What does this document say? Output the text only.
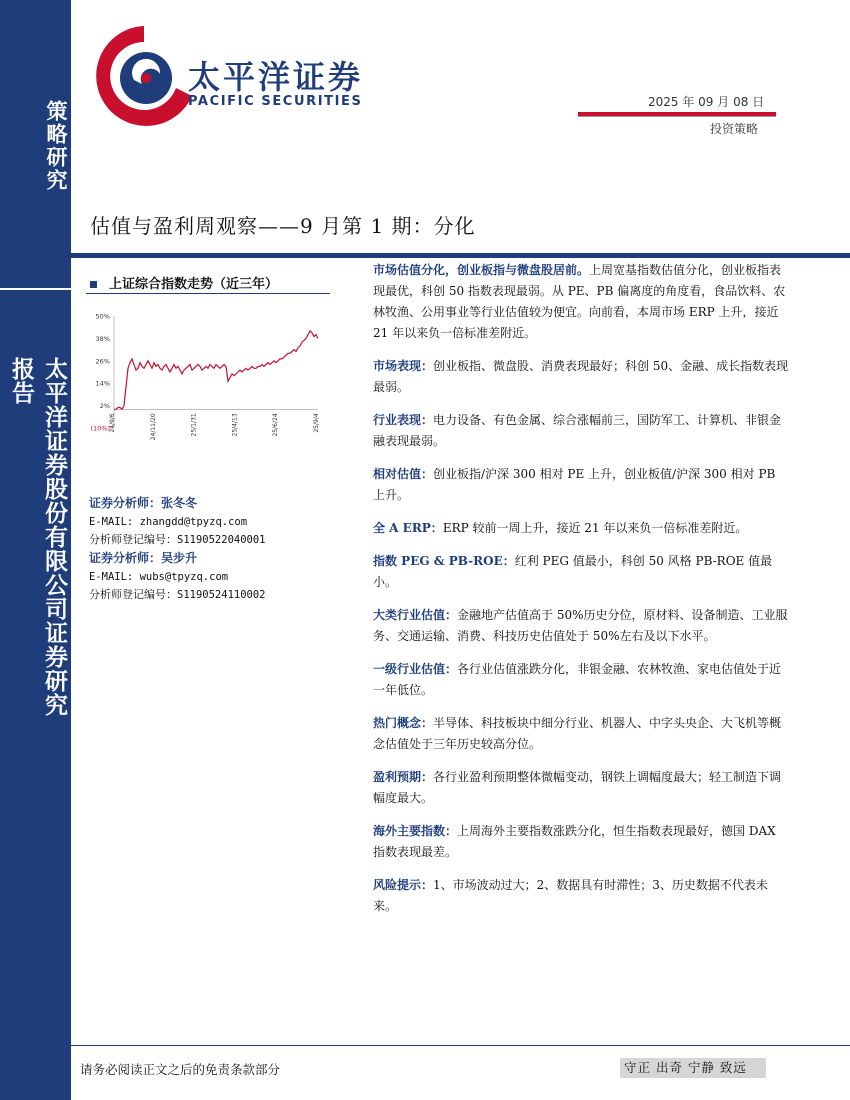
策略研究
太平洋证券股份有限公司证券研究报告
太平洋证券
PACIFIC SECURITIES	2025 年 09 月 08 日
投资策略
估值与盈利周观察——9 月第 1 期：分化
上证综合指数走势（近三年）
50%
38%
26%
14%
2%
(10%) 24/9/6	24/11/20	25/1/31	25/4/13	25/6/24	25/9/4
证券分析师：张冬冬
E-MAIL: zhangdd@tpyzq.com
分析师登记编号：S1190522040001
证券分析师：吴步升
E-MAIL: wubs@tpyzq.com
分析师登记编号：S1190524110002

市场估值分化，创业板指与微盘股居前。上周宽基指数估值分化，创业板指表现最优，科创 50 指数表现最弱。从 PE、PB 偏离度的角度看，食品饮料、农林牧渔、公用事业等行业估值较为便宜。向前看，本周市场 ERP 上升，接近 21 年以来负一倍标准差附近。

市场表现：创业板指、微盘股、消费表现最好；科创 50、金融、成长指数表现最弱。

行业表现：电力设备、有色金属、综合涨幅前三，国防军工、计算机、非银金融表现最弱。

相对估值：创业板指/沪深 300 相对 PE 上升，创业板值/沪深 300 相对 PB 上升。

全 A ERP：ERP 较前一周上升，接近 21 年以来负一倍标准差附近。

指数 PEG & PB-ROE：红利 PEG 值最小，科创 50 风格 PB-ROE 值最小。

大类行业估值：金融地产估值高于 50%历史分位，原材料、设备制造、工业服务、交通运输、消费、科技历史估值处于 50%左右及以下水平。

一级行业估值：各行业估值涨跌分化，非银金融、农林牧渔、家电估值处于近一年低位。

热门概念：半导体、科技板块中细分行业、机器人、中字头央企、大飞机等概念估值处于三年历史较高分位。

盈利预期：各行业盈利预期整体微幅变动，钢铁上调幅度最大；轻工制造下调幅度最大。

海外主要指数：上周海外主要指数涨跌分化，恒生指数表现最好，德国 DAX 指数表现最差。

风险提示：1、市场波动过大；2、数据具有时滞性；3、历史数据不代表未来。

请务必阅读正文之后的免责条款部分	守正 出奇 宁静 致远
